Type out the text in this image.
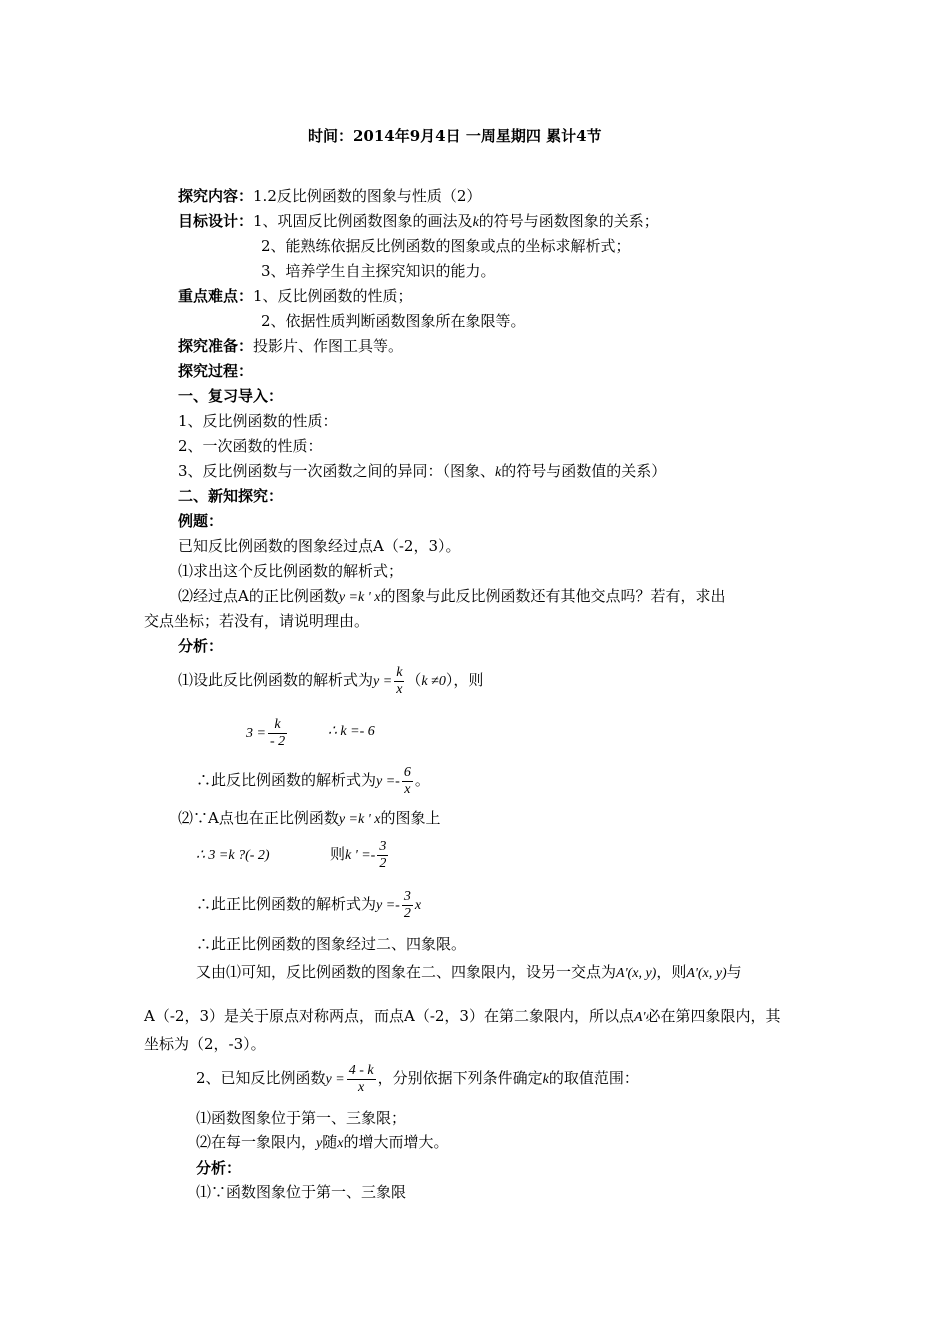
时间：2014年9月4日 一周星期四 累计4节
探究内容：1.2反比例函数的图象与性质（2）
目标设计：1、巩固反比例函数图象的画法及k的符号与函数图象的关系；
2、能熟练依据反比例函数的图象或点的坐标求解析式；
3、培养学生自主探究知识的能力。
重点难点：1、反比例函数的性质；
2、依据性质判断函数图象所在象限等。
探究准备：投影片、作图工具等。
探究过程：
一、复习导入：
1、反比例函数的性质：
2、一次函数的性质：
3、反比例函数与一次函数之间的异同：（图象、k的符号与函数值的关系）
二、新知探究：
例题：
已知反比例函数的图象经过点A（-2，3）。
⑴求出这个反比例函数的解析式；
⑵经过点A的正比例函数y =k ' x的图象与此反比例函数还有其他交点吗？若有，求出
交点坐标；若没有，请说明理由。
分析：
⑴设此反比例函数的解析式为$y = \frac{k}{x} (k \ne 0)$，则
$3 = \frac{k}{- 2}$	∴ k =- 6
∴此反比例函数的解析式为$y =- \frac{6}{x}$ 。
⑵∵A点也在正比例函数y =k ' x的图象上
∴ 3 =k ?(- 2)	则k ' =- $\frac{3}{2}$
∴此正比例函数的解析式为$y =- \frac{3}{2}$ x
∴此正比例函数的图象经过二、四象限。
又由⑴可知，反比例函数的图象在二、四象限内，设另一交点为A'(x, y)，则A'(x, y)与
A（-2，3）是关于原点对称两点，而点A（-2，3）在第二象限内，所以点A'必在第四象限内，其
坐标为（2，-3）。
2、已知反比例函数$y = \frac{4 - k}{x}$ ，分别依据下列条件确定k的取值范围：
⑴函数图象位于第一、三象限；
⑵在每一象限内，y随x的增大而增大。
分析：
⑴∵函数图象位于第一、三象限
